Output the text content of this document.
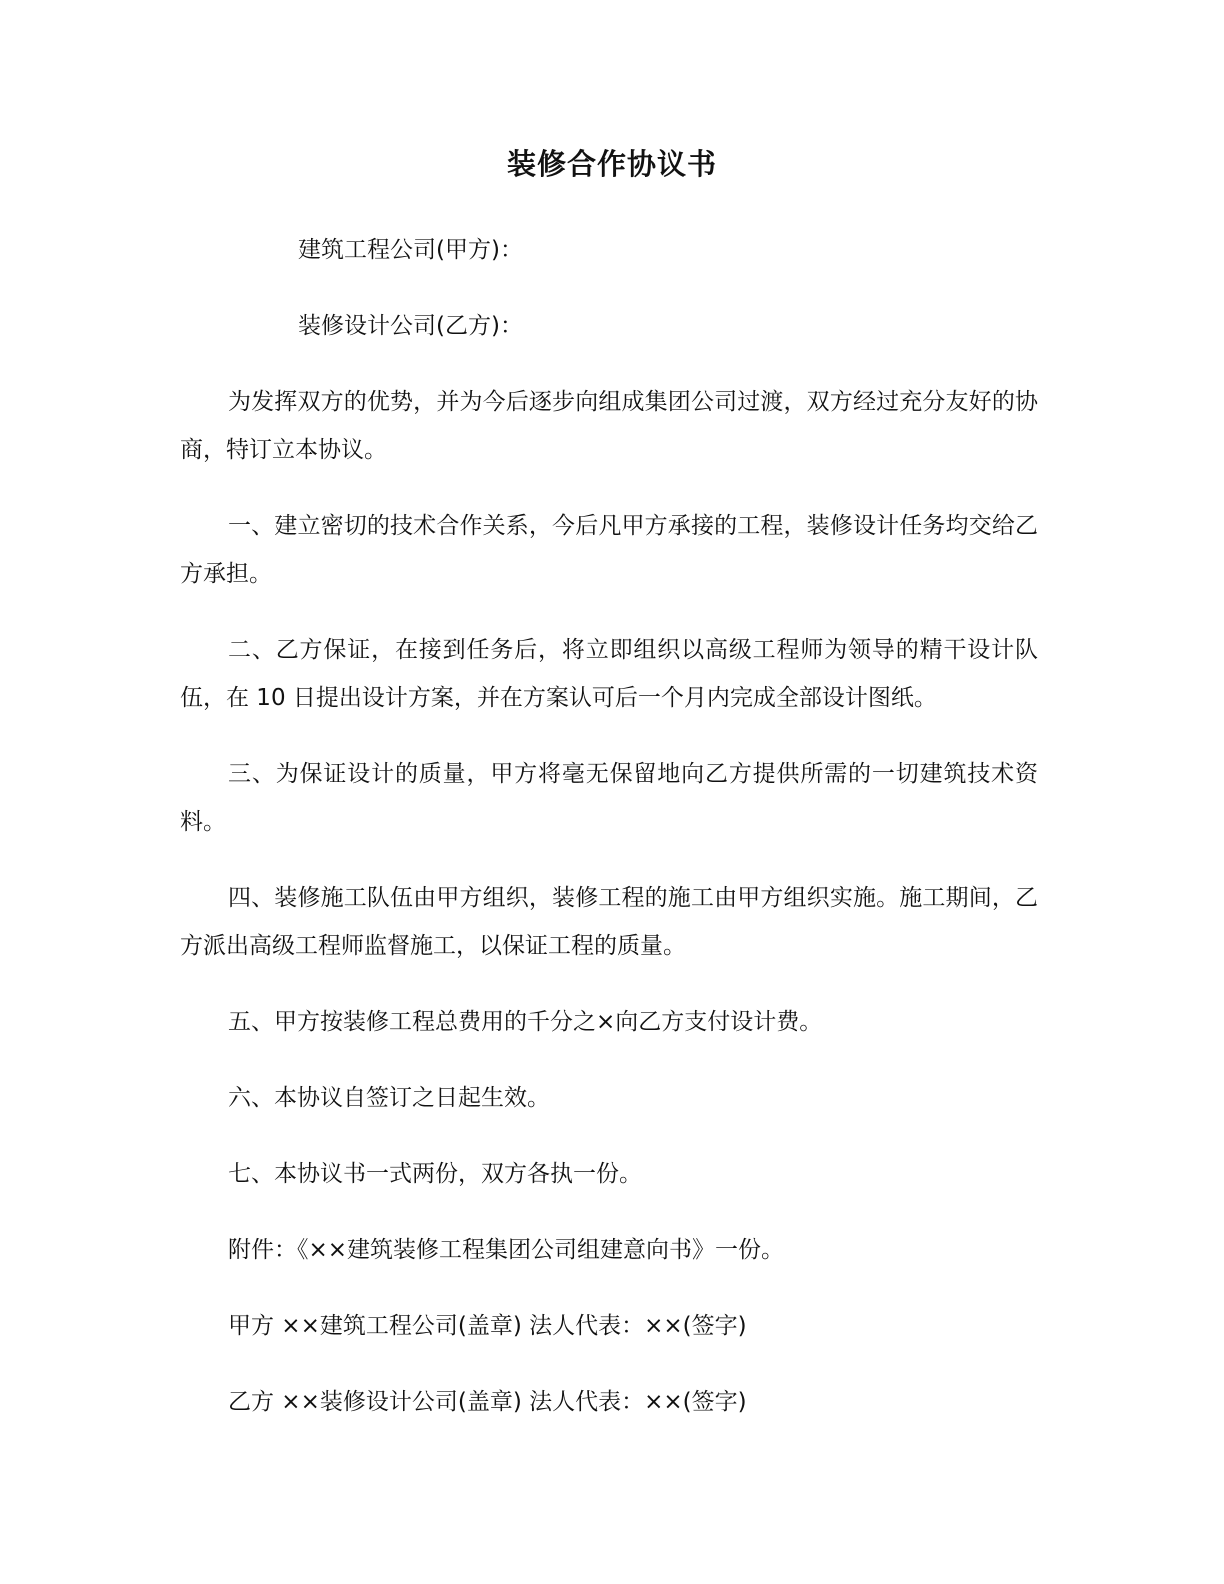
装修合作协议书
建筑工程公司(甲方)：
装修设计公司(乙方)：
为发挥双方的优势，并为今后逐步向组成集团公司过渡，双方经过充分友好的协商，特订立本协议。
一、建立密切的技术合作关系，今后凡甲方承接的工程，装修设计任务均交给乙方承担。
二、乙方保证，在接到任务后，将立即组织以高级工程师为领导的精干设计队伍，在 10 日提出设计方案，并在方案认可后一个月内完成全部设计图纸。
三、为保证设计的质量，甲方将毫无保留地向乙方提供所需的一切建筑技术资料。
四、装修施工队伍由甲方组织，装修工程的施工由甲方组织实施。施工期间，乙方派出高级工程师监督施工，以保证工程的质量。
五、甲方按装修工程总费用的千分之×向乙方支付设计费。
六、本协议自签订之日起生效。
七、本协议书一式两份，双方各执一份。
附件：《××建筑装修工程集团公司组建意向书》一份。
甲方 ××建筑工程公司(盖章) 法人代表：××(签字)
乙方 ××装修设计公司(盖章) 法人代表：××(签字)
